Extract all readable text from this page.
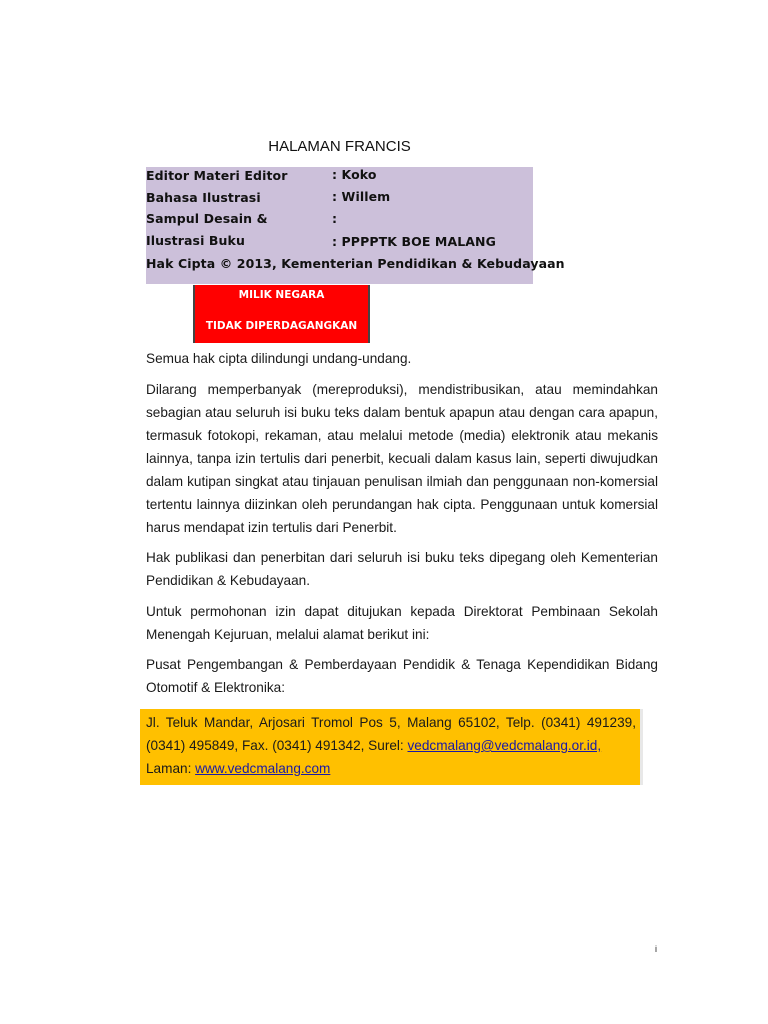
HALAMAN FRANCIS
Editor Materi Editor	: Koko
Bahasa Ilustrasi	: Willem
Sampul Desain &	:
Ilustrasi Buku	: PPPPTK BOE MALANG
Hak Cipta © 2013, Kementerian Pendidikan & Kebudayaan
MILIK NEGARA
TIDAK DIPERDAGANGKAN

Semua hak cipta dilindungi undang-undang.

Dilarang memperbanyak (mereproduksi), mendistribusikan, atau memindahkan sebagian atau seluruh isi buku teks dalam bentuk apapun atau dengan cara apapun, termasuk fotokopi, rekaman, atau melalui metode (media) elektronik atau mekanis lainnya, tanpa izin tertulis dari penerbit, kecuali dalam kasus lain, seperti diwujudkan dalam kutipan singkat atau tinjauan penulisan ilmiah dan penggunaan non-komersial tertentu lainnya diizinkan oleh perundangan hak cipta. Penggunaan untuk komersial harus mendapat izin tertulis dari Penerbit.

Hak publikasi dan penerbitan dari seluruh isi buku teks dipegang oleh Kementerian Pendidikan & Kebudayaan.

Untuk permohonan izin dapat ditujukan kepada Direktorat Pembinaan Sekolah Menengah Kejuruan, melalui alamat berikut ini:

Pusat Pengembangan & Pemberdayaan Pendidik & Tenaga Kependidikan Bidang Otomotif & Elektronika:

Jl. Teluk Mandar, Arjosari Tromol Pos 5, Malang 65102, Telp. (0341) 491239, (0341) 495849, Fax. (0341) 491342, Surel: vedcmalang@vedcmalang.or.id,
Laman: www.vedcmalang.com

i
